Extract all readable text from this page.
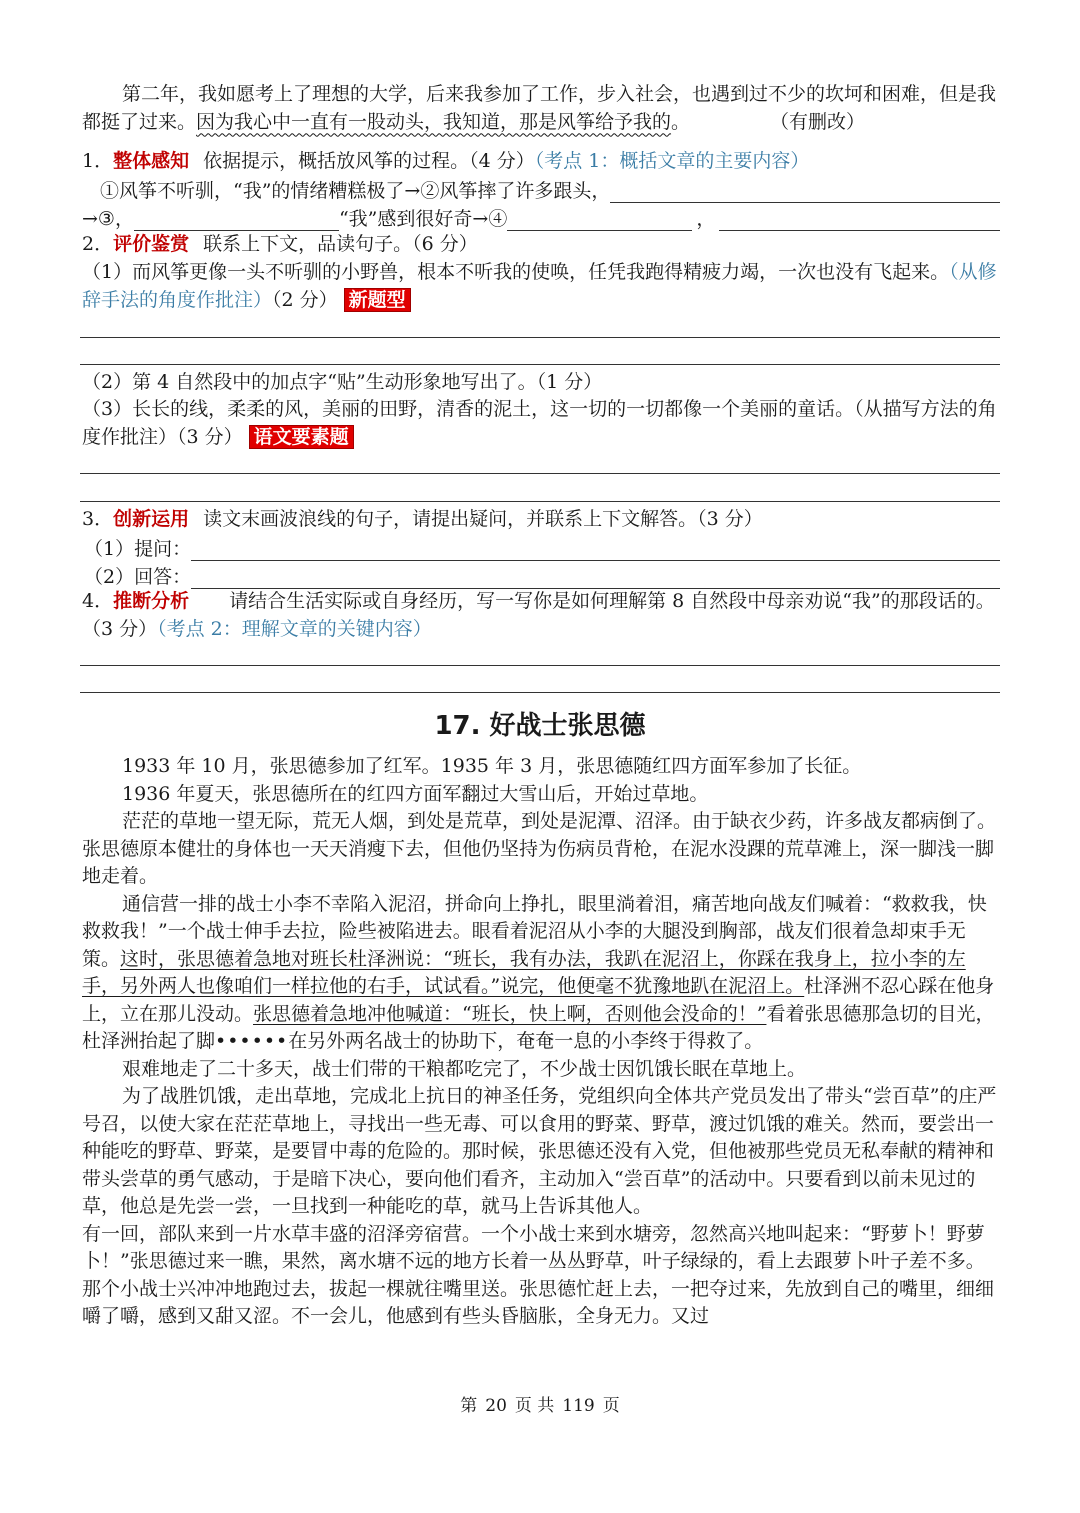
第二年，我如愿考上了理想的大学，后来我参加了工作，步入社会，也遇到过不少的坎坷和困难，但是我都挺了过来。因为我心中一直有一股动头，我知道，那是风筝给予我的。	（有删改）
1．整体感知 依据提示，概括放风筝的过程。（4 分）（考点 1：概括文章的主要内容）
①风筝不听驯，“我”的情绪糟糕极了→②风筝摔了许多跟头，
→③，	“我”感到很好奇→④	，
2．评价鉴赏 联系上下文，品读句子。（6 分）
（1）而风筝更像一头不听驯的小野兽，根本不听我的使唤，任凭我跑得精疲力竭，一次也没有飞起来。（从修辞手法的角度作批注）（2 分） 新题型
（2）第 4 自然段中的加点字“贴”生动形象地写出了。（1 分）
（3）长长的线，柔柔的风，美丽的田野，清香的泥土，这一切的一切都像一个美丽的童话。（从描写方法的角度作批注）（3 分） 语文要素题
3．创新运用 读文末画波浪线的句子，请提出疑问，并联系上下文解答。（3 分）
（1）提问：
（2）回答：
4．推断分析 请结合生活实际或自身经历，写一写你是如何理解第 8 自然段中母亲劝说“我”的那段话的。（3 分）（考点 2：理解文章的关键内容）
17. 好战士张思德
1933 年 10 月，张思德参加了红军。1935 年 3 月，张思德随红四方面军参加了长征。
1936 年夏天，张思德所在的红四方面军翻过大雪山后，开始过草地。
茫茫的草地一望无际，荒无人烟，到处是荒草，到处是泥潭、沼泽。由于缺衣少药，许多战友都病倒了。张思德原本健壮的身体也一天天消瘦下去，但他仍坚持为伤病员背枪，在泥水没踝的荒草滩上，深一脚浅一脚地走着。
通信营一排的战士小李不幸陷入泥沼，拼命向上挣扎，眼里淌着泪，痛苦地向战友们喊着：“救救我，快救救我！”一个战士伸手去拉，险些被陷进去。眼看着泥沼从小李的大腿没到胸部，战友们很着急却束手无策。这时，张思德着急地对班长杜泽洲说：“班长，我有办法，我趴在泥沼上，你踩在我身上，拉小李的左手，另外两人也像咱们一样拉他的右手，试试看。”说完，他便毫不犹豫地趴在泥沼上。杜泽洲不忍心踩在他身上，立在那儿没动。张思德着急地冲他喊道：“班长，快上啊，否则他会没命的！”看着张思德那急切的目光，杜泽洲抬起了脚••••••在另外两名战士的协助下，奄奄一息的小李终于得救了。
艰难地走了二十多天，战士们带的干粮都吃完了，不少战士因饥饿长眠在草地上。
为了战胜饥饿，走出草地，完成北上抗日的神圣任务，党组织向全体共产党员发出了带头“尝百草”的庄严号召，以使大家在茫茫草地上，寻找出一些无毒、可以食用的野菜、野草，渡过饥饿的难关。然而，要尝出一种能吃的野草、野菜，是要冒中毒的危险的。那时候，张思德还没有入党，但他被那些党员无私奉献的精神和带头尝草的勇气感动，于是暗下决心，要向他们看齐，主动加入“尝百草”的活动中。只要看到以前未见过的草，他总是先尝一尝，一旦找到一种能吃的草，就马上告诉其他人。
有一回，部队来到一片水草丰盛的沼泽旁宿营。一个小战士来到水塘旁，忽然高兴地叫起来：“野萝卜！野萝卜！”张思德过来一瞧，果然，离水塘不远的地方长着一丛丛野草，叶子绿绿的，看上去跟萝卜叶子差不多。那个小战士兴冲冲地跑过去，拔起一棵就往嘴里送。张思德忙赶上去，一把夺过来，先放到自己的嘴里，细细嚼了嚼，感到又甜又涩。不一会儿，他感到有些头昏脑胀，全身无力。又过
第 20 页 共 119 页
